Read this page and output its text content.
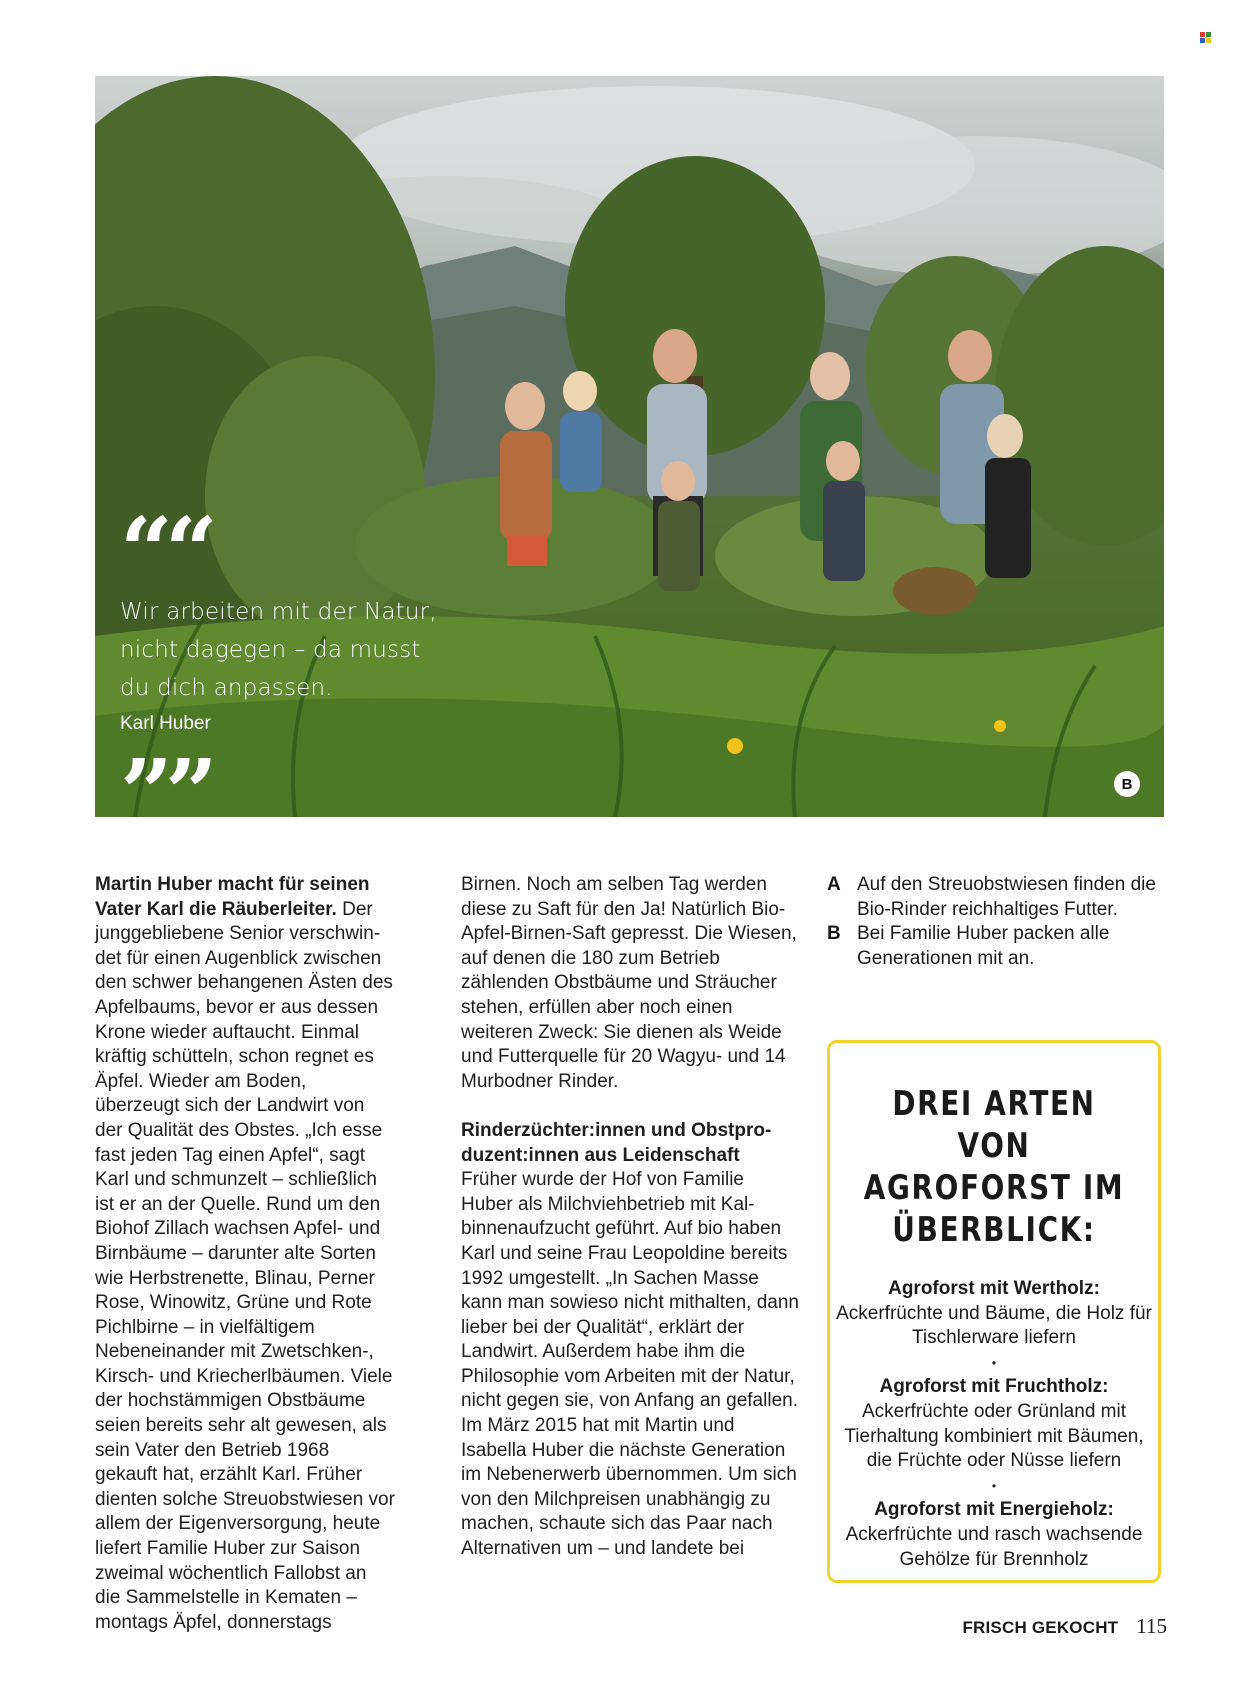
““
Wir arbeiten mit der Natur,
nicht dagegen – da musst
du dich anpassen.
Karl Huber
””	B

Martin Huber macht für seinen Vater Karl die Räuberleiter. Der junggebliebene Senior verschwindet für einen Augenblick zwischen den schwer behangenen Ästen des Apfelbaums, bevor er aus dessen Krone wieder auftaucht. Einmal kräftig schütteln, schon regnet es Äpfel. Wieder am Boden, überzeugt sich der Landwirt von der Qualität des Obstes. „Ich esse fast jeden Tag einen Apfel“, sagt Karl und schmunzelt – schließlich ist er an der Quelle. Rund um den Biohof Zillach wachsen Apfel- und Birnbäume – darunter alte Sorten wie Herbstrenette, Blinau, Perner Rose, Winowitz, Grüne und Rote Pichlbirne – in vielfältigem Nebeneinander mit Zwetschken-, Kirsch- und Kriecherlbäumen. Viele der hochstämmigen Obstbäume seien bereits sehr alt gewesen, als sein Vater den Betrieb 1968 gekauft hat, erzählt Karl. Früher dienten solche Streuobstwiesen vor allem der Eigenversorgung, heute liefert Familie Huber zur Saison zweimal wöchentlich Fallobst an die Sammelstelle in Kematen – montags Äpfel, donnerstags

Birnen. Noch am selben Tag werden diese zu Saft für den Ja! Natürlich Bio-Apfel-Birnen-Saft gepresst. Die Wiesen, auf denen die 180 zum Betrieb zählenden Obstbäume und Sträucher stehen, erfüllen aber noch einen weiteren Zweck: Sie dienen als Weide und Futterquelle für 20 Wagyu- und 14 Murbodner Rinder.

Rinderzüchter:innen und Obstproduzent:innen aus Leidenschaft

Früher wurde der Hof von Familie Huber als Milchviehbetrieb mit Kalbinnenaufzucht geführt. Auf bio haben Karl und seine Frau Leopoldine bereits 1992 umgestellt. „In Sachen Masse kann man sowieso nicht mithalten, dann lieber bei der Qualität“, erklärt der Landwirt. Außerdem habe ihm die Philosophie vom Arbeiten mit der Natur, nicht gegen sie, von Anfang an gefallen. Im März 2015 hat mit Martin und Isabella Huber die nächste Generation im Nebenerwerb übernommen. Um sich von den Milchpreisen unabhängig zu machen, schaute sich das Paar nach Alternativen um – und landete bei

A Auf den Streuobstwiesen finden die Bio-Rinder reichhaltiges Futter.
B Bei Familie Huber packen alle Generationen mit an.
DREI ARTEN VON
AGROFORST IM
ÜBERBLICK:
Agroforst mit Wertholz:
Ackerfrüchte und Bäume, die Holz für Tischlerware liefern
•
Agroforst mit Fruchtholz:
Ackerfrüchte oder Grünland mit Tierhaltung kombiniert mit Bäumen, die Früchte oder Nüsse liefern
•
Agroforst mit Energieholz:
Ackerfrüchte und rasch wachsende Gehölze für Brennholz
FRISCH GEKOCHT 115
